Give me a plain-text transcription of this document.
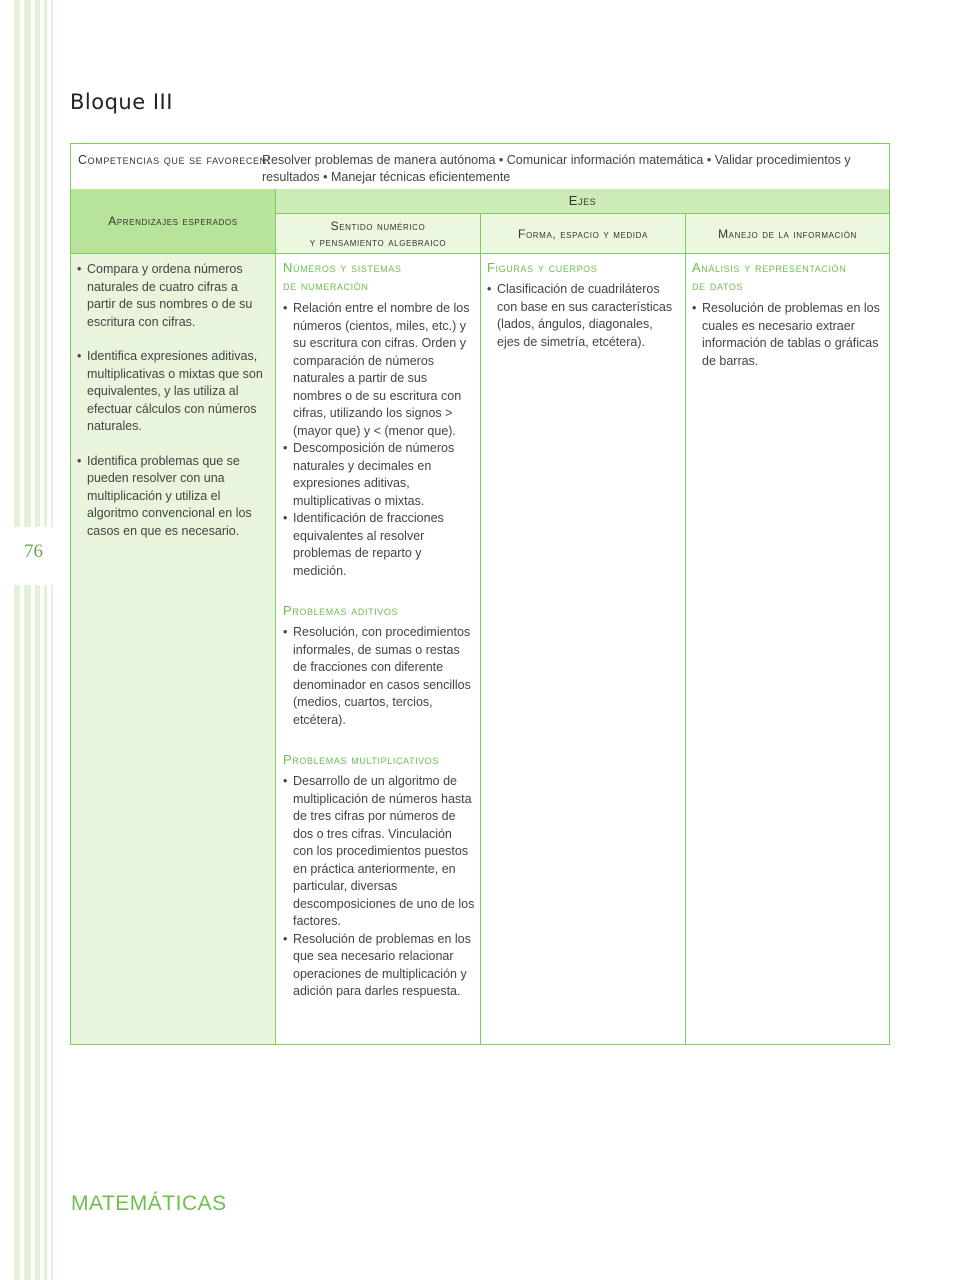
76
Bloque III
Competencias que se favorecen:
Resolver problemas de manera autónoma • Comunicar información matemática • Validar procedimientos y resultados • Manejar técnicas eficientemente
Aprendizajes esperados
Ejes
Sentido numérico
y pensamiento algebraico
Forma, espacio y medida	Manejo de la información
• Compara y ordena números naturales de cuatro cifras a partir de sus nombres o de su escritura con cifras.
• Identifica expresiones aditivas, multiplicativas o mixtas que son equivalentes, y las utiliza al efectuar cálculos con números naturales.
• Identifica problemas que se pueden resolver con una multiplicación y utiliza el algoritmo convencional en los casos en que es necesario.
Números y sistemas
de numeración
• Relación entre el nombre de los números (cientos, miles, etc.) y su escritura con cifras. Orden y comparación de números naturales a partir de sus nombres o de su escritura con cifras, utilizando los signos > (mayor que) y < (menor que).
• Descomposición de números naturales y decimales en expresiones aditivas, multiplicativas o mixtas.
• Identificación de fracciones equivalentes al resolver problemas de reparto y medición.
Problemas aditivos
• Resolución, con procedimientos informales, de sumas o restas de fracciones con diferente denominador en casos sencillos (medios, cuartos, tercios, etcétera).
Problemas multiplicativos
• Desarrollo de un algoritmo de multiplicación de números hasta de tres cifras por números de dos o tres cifras. Vinculación con los procedimientos puestos en práctica anteriormente, en particular, diversas descomposiciones de uno de los factores.
• Resolución de problemas en los que sea necesario relacionar operaciones de multiplicación y adición para darles respuesta.
Figuras y cuerpos
• Clasificación de cuadriláteros con base en sus características (lados, ángulos, diagonales, ejes de simetría, etcétera).
Análisis y representación
de datos
• Resolución de problemas en los cuales es necesario extraer información de tablas o gráficas de barras.
MATEMÁTICAS
